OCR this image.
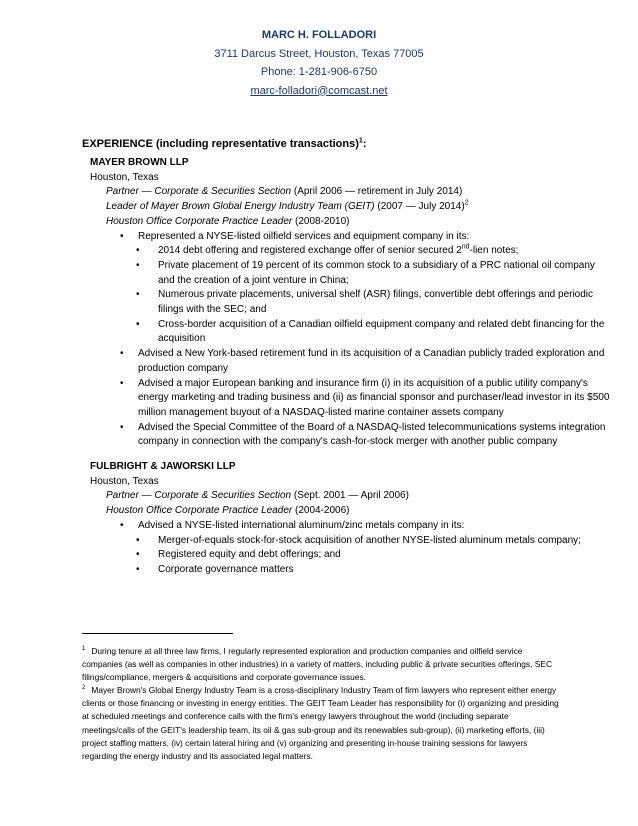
MARC H. FOLLADORI
3711 Darcus Street, Houston, Texas 77005
Phone: 1-281-906-6750
marc-folladori@comcast.net
EXPERIENCE (including representative transactions)$^1$:
MAYER BROWN LLP
Houston, Texas
Partner — Corporate & Securities Section (April 2006 — retirement in July 2014)
Leader of Mayer Brown Global Energy Industry Team (GEIT) (2007 — July 2014)$^2$
Houston Office Corporate Practice Leader (2008-2010)
• Represented a NYSE-listed oilfield services and equipment company in its:
• 2014 debt offering and registered exchange offer of senior secured 2nd-lien notes;
• Private placement of 19 percent of its common stock to a subsidiary of a PRC national oil company and the creation of a joint venture in China;
• Numerous private placements, universal shelf (ASR) filings, convertible debt offerings and periodic filings with the SEC; and
• Cross-border acquisition of a Canadian oilfield equipment company and related debt financing for the acquisition
• Advised a New York-based retirement fund in its acquisition of a Canadian publicly traded exploration and production company
• Advised a major European banking and insurance firm (i) in its acquisition of a public utility company's energy marketing and trading business and (ii) as financial sponsor and purchaser/lead investor in its $500 million management buyout of a NASDAQ-listed marine container assets company
• Advised the Special Committee of the Board of a NASDAQ-listed telecommunications systems integration company in connection with the company's cash-for-stock merger with another public company
FULBRIGHT & JAWORSKI LLP
Houston, Texas
Partner — Corporate & Securities Section (Sept. 2001 — April 2006)
Houston Office Corporate Practice Leader (2004-2006)
• Advised a NYSE-listed international aluminum/zinc metals company in its:
• Merger-of-equals stock-for-stock acquisition of another NYSE-listed aluminum metals company;
• Registered equity and debt offerings; and
• Corporate governance matters
$^1$ During tenure at all three law firms, I regularly represented exploration and production companies and oilfield service companies (as well as companies in other industries) in a variety of matters, including public & private securities offerings, SEC filings/compliance, mergers & acquisitions and corporate governance issues.
$^2$ Mayer Brown's Global Energy Industry Team is a cross-disciplinary Industry Team of firm lawyers who represent either energy clients or those financing or investing in energy entities. The GEIT Team Leader has responsibility for (i) organizing and presiding at scheduled meetings and conference calls with the firm's energy lawyers throughout the world (including separate meetings/calls of the GEIT's leadership team, its oil & gas sub-group and its renewables sub-group), (ii) marketing efforts, (iii) project staffing matters, (iv) certain lateral hiring and (v) organizing and presenting in-house training sessions for lawyers regarding the energy industry and its associated legal matters.
